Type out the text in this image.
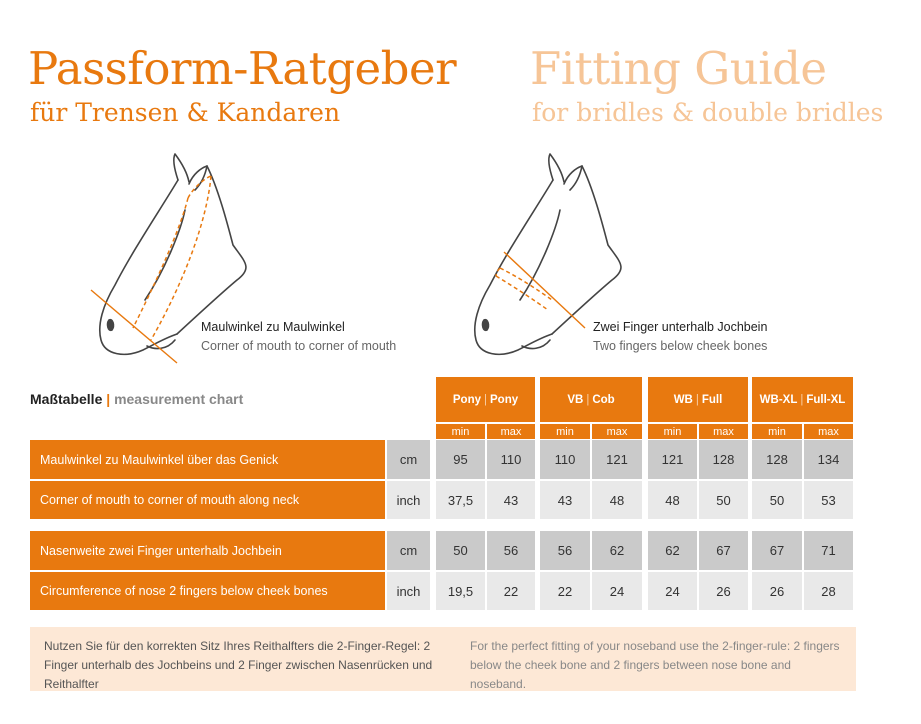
Passform-Ratgeber
für Trensen & Kandaren
Fitting Guide
for bridles & double bridles
Maulwinkel zu Maulwinkel
Corner of mouth to corner of mouth
Zwei Finger unterhalb Jochbein
Two fingers below cheek bones
Maßtabelle | measurement chart	Pony | Pony	VB | Cob	WB | Full	WB-XL | Full-XL
min	max	min	max	min	max	min	max
Maulwinkel zu Maulwinkel über das Genick	cm	95	110	110	121	121	128	128	134
Corner of mouth to corner of mouth along neck	inch	37,5	43	43	48	48	50	50	53
Nasenweite zwei Finger unterhalb Jochbein	cm	50	56	56	62	62	67	67	71
Circumference of nose 2 fingers below cheek bones	inch	19,5	22	22	24	24	26	26	28
Nutzen Sie für den korrekten Sitz Ihres Reithalfters die 2-Finger-Regel: 2 Finger unterhalb des Jochbeins und 2 Finger zwischen Nasenrücken und Reithalfter
For the perfect fitting of your noseband use the 2-finger-rule: 2 fingers below the cheek bone and 2 fingers between nose bone and noseband.
